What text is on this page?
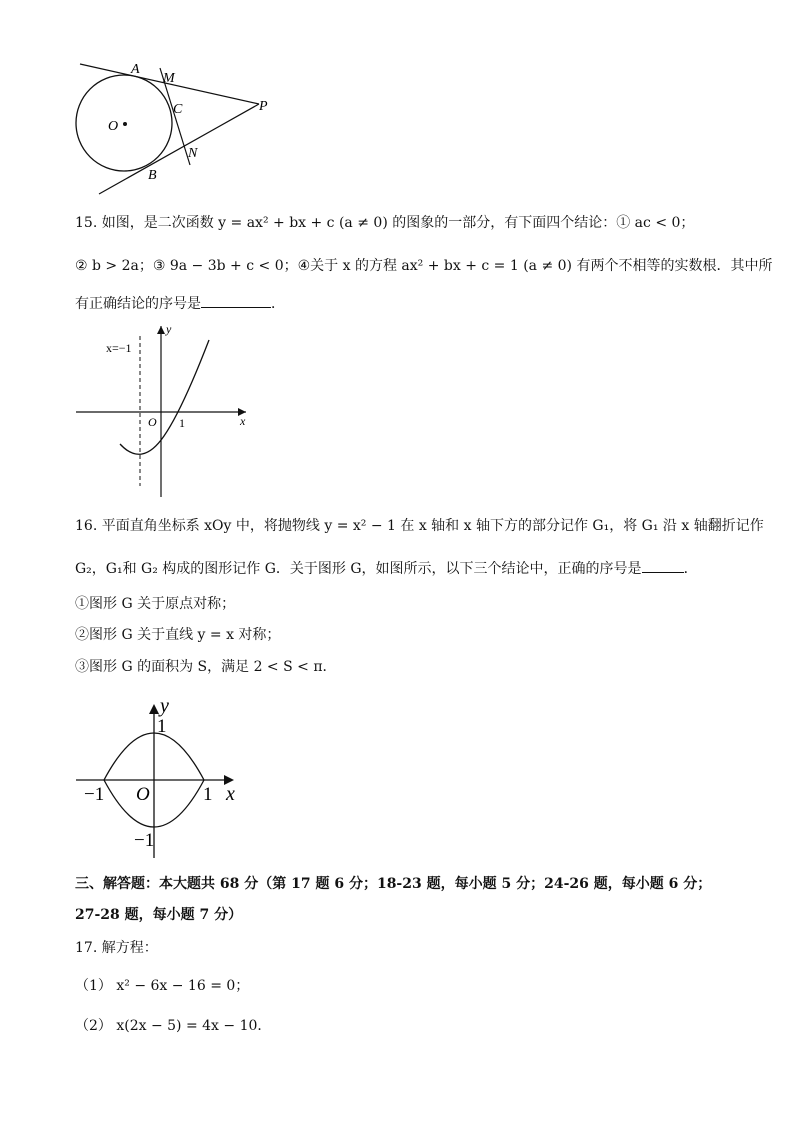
A
M
C	P
O
N
B
15. 如图，是二次函数 y = ax² + bx + c (a ≠ 0) 的图象的一部分，有下面四个结论：① ac < 0；
② b > 2a；③ 9a − 3b + c < 0；④关于 x 的方程 ax² + bx + c = 1 (a ≠ 0) 有两个不相等的实数根．其中所
有正确结论的序号是	．
x=−1
y
O 1	x
16. 平面直角坐标系 xOy 中，将抛物线 y = x² − 1 在 x 轴和 x 轴下方的部分记作 G₁，将 G₁ 沿 x 轴翻折记作
G₂，G₁和 G₂ 构成的图形记作 G．关于图形 G，如图所示，以下三个结论中，正确的序号是	．
①图形 G 关于原点对称；
②图形 G 关于直线 y = x 对称；
③图形 G 的面积为 S，满足 2 < S < π．
y
1
−1 O	1 x
−1
三、解答题：本大题共 68 分（第 17 题 6 分；18-23 题，每小题 5 分；24-26 题，每小题 6 分；
27-28 题，每小题 7 分）
17. 解方程：
（1） x² − 6x − 16 = 0；
（2） x(2x − 5) = 4x − 10．
